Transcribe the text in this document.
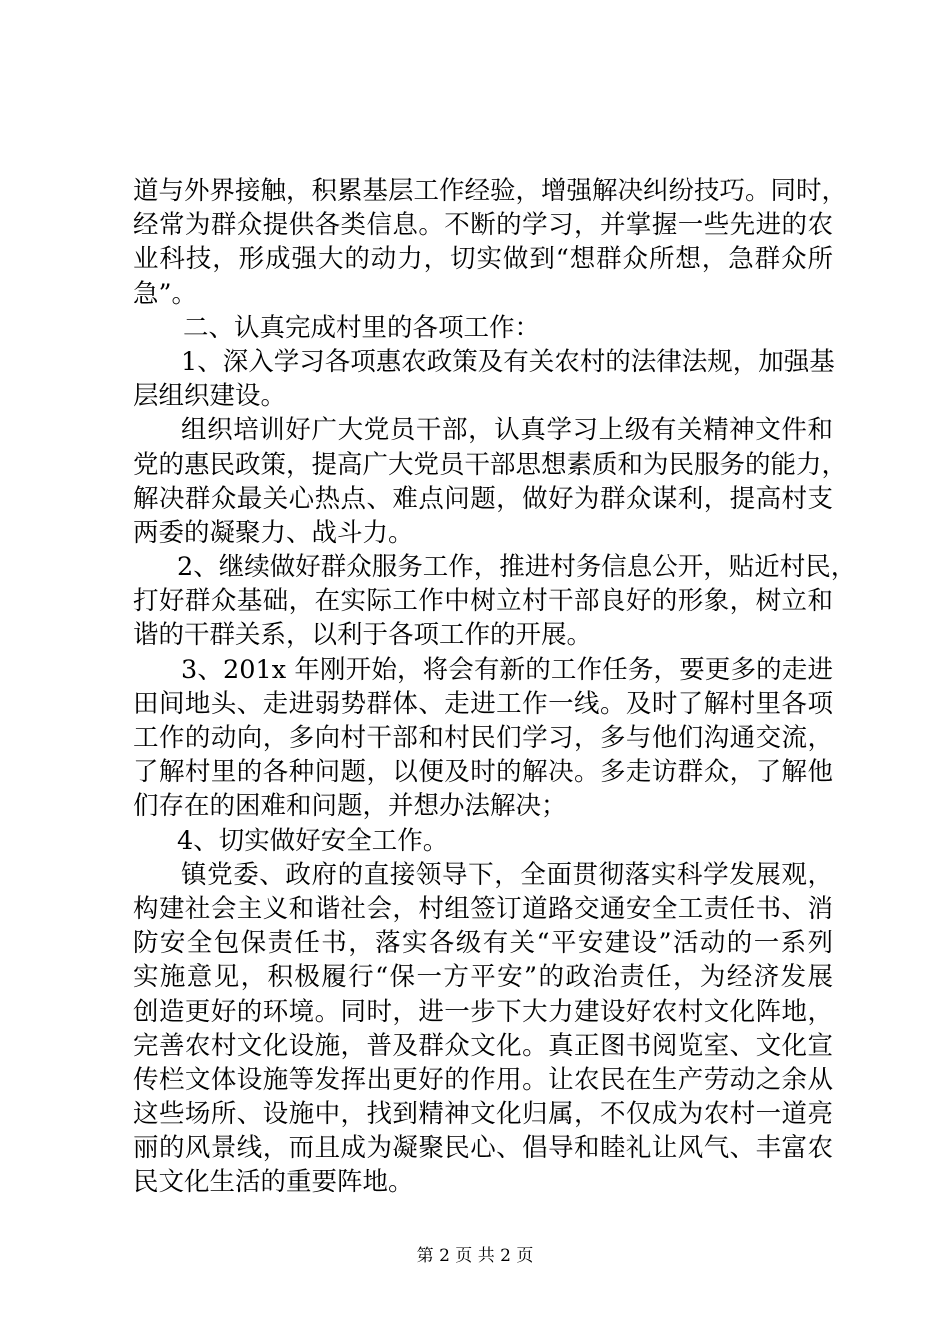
道与外界接触，积累基层工作经验，增强解决纠纷技巧。同时，
经常为群众提供各类信息。不断的学习，并掌握一些先进的农
业科技，形成强大的动力，切实做到“想群众所想，急群众所
急”。
二、认真完成村里的各项工作：
1、深入学习各项惠农政策及有关农村的法律法规，加强基
层组织建设。
组织培训好广大党员干部，认真学习上级有关精神文件和
党的惠民政策，提高广大党员干部思想素质和为民服务的能力，
解决群众最关心热点、难点问题，做好为群众谋利，提高村支
两委的凝聚力、战斗力。
2、继续做好群众服务工作，推进村务信息公开，贴近村民，
打好群众基础，在实际工作中树立村干部良好的形象，树立和
谐的干群关系，以利于各项工作的开展。
3、201x 年刚开始，将会有新的工作任务，要更多的走进
田间地头、走进弱势群体、走进工作一线。及时了解村里各项
工作的动向，多向村干部和村民们学习，多与他们沟通交流，
了解村里的各种问题，以便及时的解决。多走访群众，了解他
们存在的困难和问题，并想办法解决；
4、切实做好安全工作。
镇党委、政府的直接领导下，全面贯彻落实科学发展观，
构建社会主义和谐社会，村组签订道路交通安全工责任书、消
防安全包保责任书，落实各级有关“平安建设”活动的一系列
实施意见，积极履行“保一方平安”的政治责任，为经济发展
创造更好的环境。同时，进一步下大力建设好农村文化阵地，
完善农村文化设施，普及群众文化。真正图书阅览室、文化宣
传栏文体设施等发挥出更好的作用。让农民在生产劳动之余从
这些场所、设施中，找到精神文化归属，不仅成为农村一道亮
丽的风景线，而且成为凝聚民心、倡导和睦礼让风气、丰富农
民文化生活的重要阵地。
第 2 页 共 2 页
